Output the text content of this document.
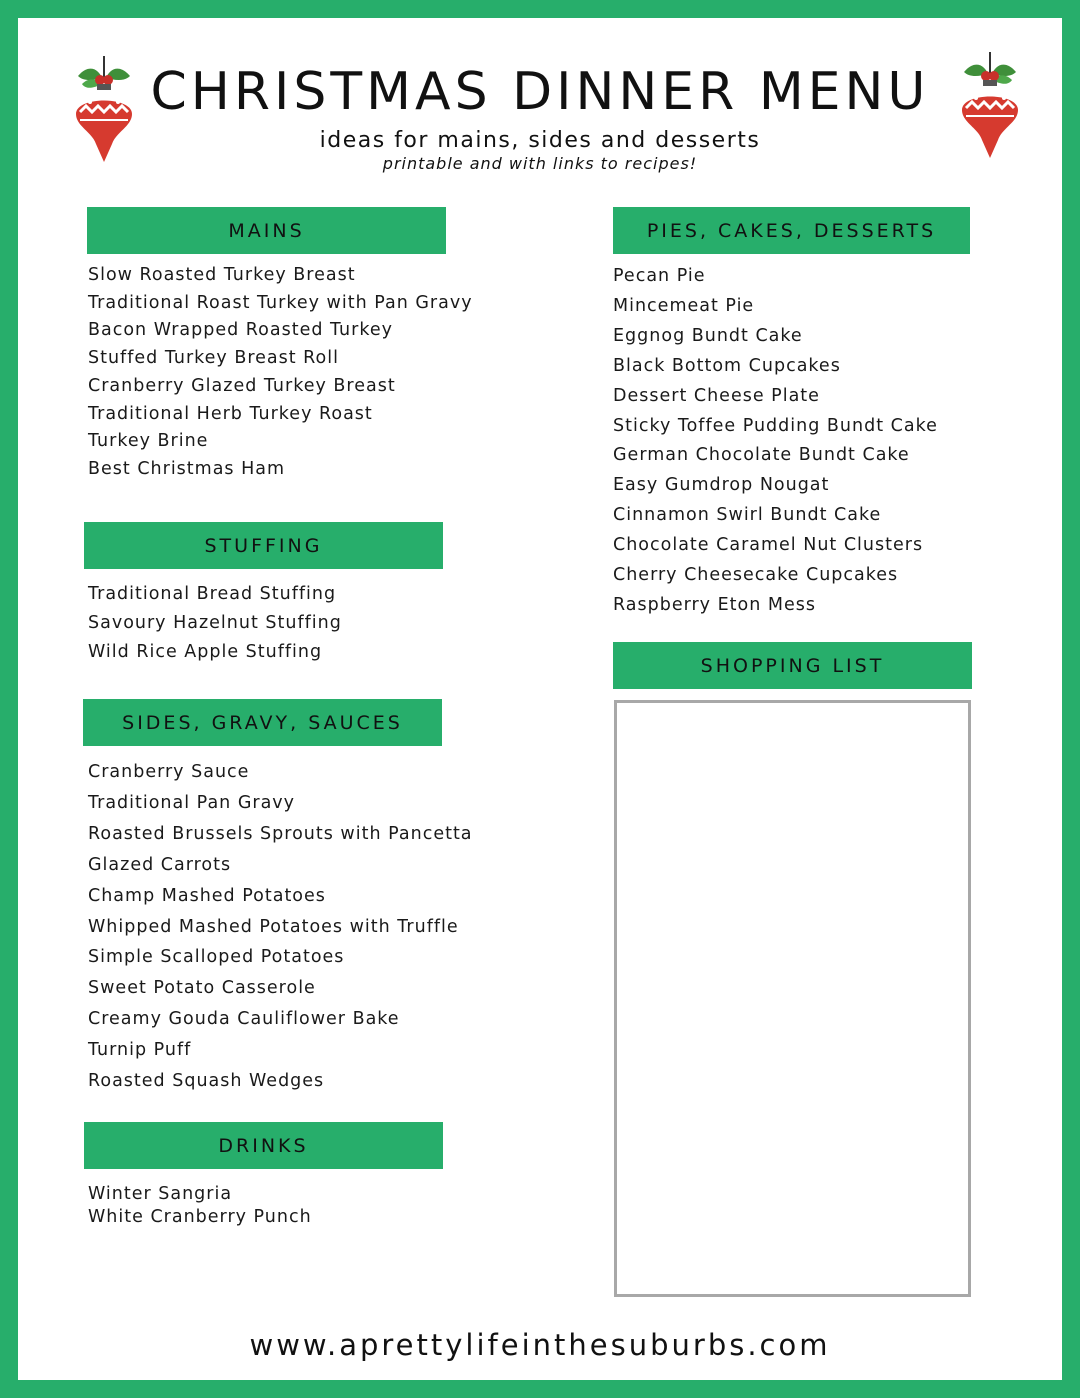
CHRISTMAS DINNER MENU
ideas for mains, sides and desserts
printable and with links to recipes!
MAINS
Slow Roasted Turkey Breast
Traditional Roast Turkey with Pan Gravy
Bacon Wrapped Roasted Turkey
Stuffed Turkey Breast Roll
Cranberry Glazed Turkey Breast
Traditional Herb Turkey Roast
Turkey Brine
Best Christmas Ham
STUFFING
Traditional Bread Stuffing
Savoury Hazelnut Stuffing
Wild Rice Apple Stuffing
SIDES, GRAVY, SAUCES
Cranberry Sauce
Traditional Pan Gravy
Roasted Brussels Sprouts with Pancetta
Glazed Carrots
Champ Mashed Potatoes
Whipped Mashed Potatoes with Truffle
Simple Scalloped Potatoes
Sweet Potato Casserole
Creamy Gouda Cauliflower Bake
Turnip Puff
Roasted Squash Wedges
DRINKS
Winter Sangria
White Cranberry Punch
PIES, CAKES, DESSERTS
Pecan Pie
Mincemeat Pie
Eggnog Bundt Cake
Black Bottom Cupcakes
Dessert Cheese Plate
Sticky Toffee Pudding Bundt Cake
German Chocolate Bundt Cake
Easy Gumdrop Nougat
Cinnamon Swirl Bundt Cake
Chocolate Caramel Nut Clusters
Cherry Cheesecake Cupcakes
Raspberry Eton Mess
SHOPPING LIST
www.aprettylifeinthesuburbs.com
